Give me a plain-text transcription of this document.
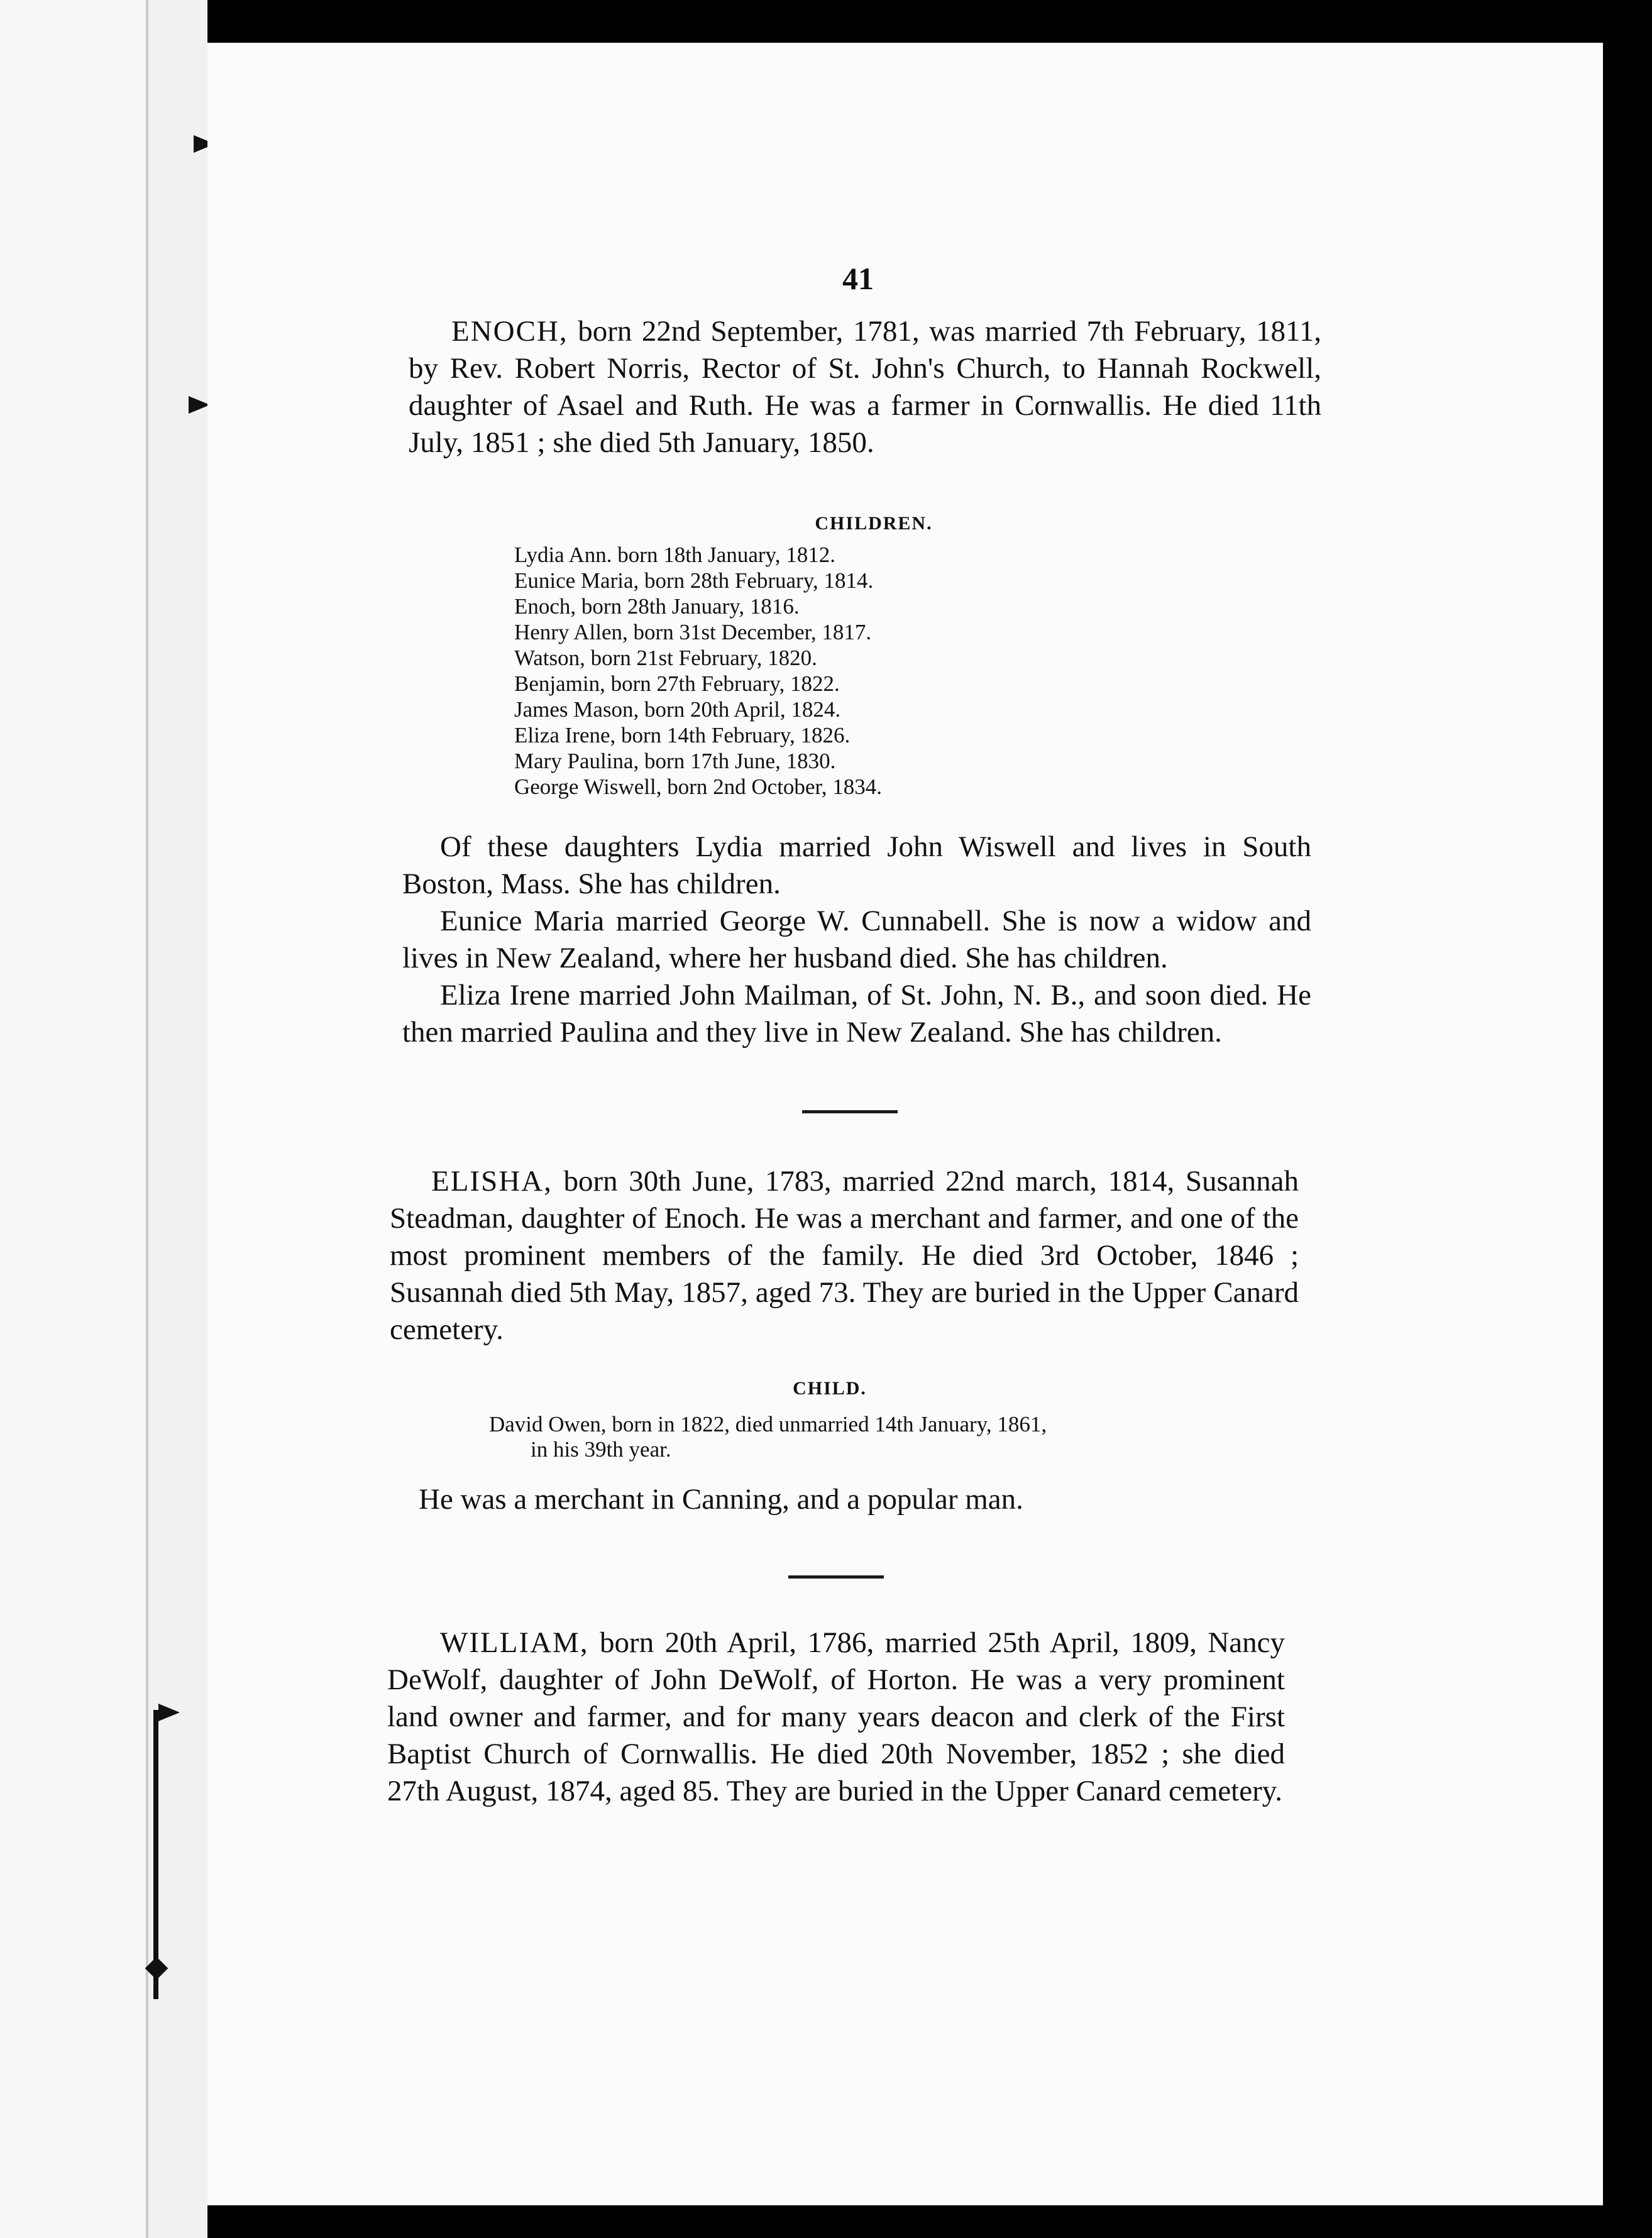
41

ENOCH, born 22nd September, 1781, was married 7th February, 1811, by Rev. Robert Norris, Rector of St. John's Church, to Hannah Rockwell, daughter of Asael and Ruth. He was a farmer in Cornwallis. He died 11th July, 1851 ; she died 5th January, 1850.

CHILDREN.

Lydia Ann. born 18th January, 1812.
Eunice Maria, born 28th February, 1814.
Enoch, born 28th January, 1816.
Henry Allen, born 31st December, 1817.
Watson, born 21st February, 1820.
Benjamin, born 27th February, 1822.
James Mason, born 20th April, 1824.
Eliza Irene, born 14th February, 1826.
Mary Paulina, born 17th June, 1830.
George Wiswell, born 2nd October, 1834.

Of these daughters Lydia married John Wiswell and lives in South Boston, Mass. She has children.

Eunice Maria married George W. Cunnabell. She is now a widow and lives in New Zealand, where her husband died. She has children.

Eliza Irene married John Mailman, of St. John, N. B., and soon died. He then married Paulina and they live in New Zealand. She has children.

ELISHA, born 30th June, 1783, married 22nd march, 1814, Susannah Steadman, daughter of Enoch. He was a merchant and farmer, and one of the most prominent members of the family. He died 3rd October, 1846 ; Susannah died 5th May, 1857, aged 73. They are buried in the Upper Canard cemetery.

CHILD.

David Owen, born in 1822, died unmarried 14th January, 1861,
in his 39th year.

He was a merchant in Canning, and a popular man.

WILLIAM, born 20th April, 1786, married 25th April, 1809, Nancy DeWolf, daughter of John DeWolf, of Horton. He was a very prominent land owner and farmer, and for many years deacon and clerk of the First Baptist Church of Cornwallis. He died 20th November, 1852 ; she died 27th August, 1874, aged 85. They are buried in the Upper Canard cemetery.
